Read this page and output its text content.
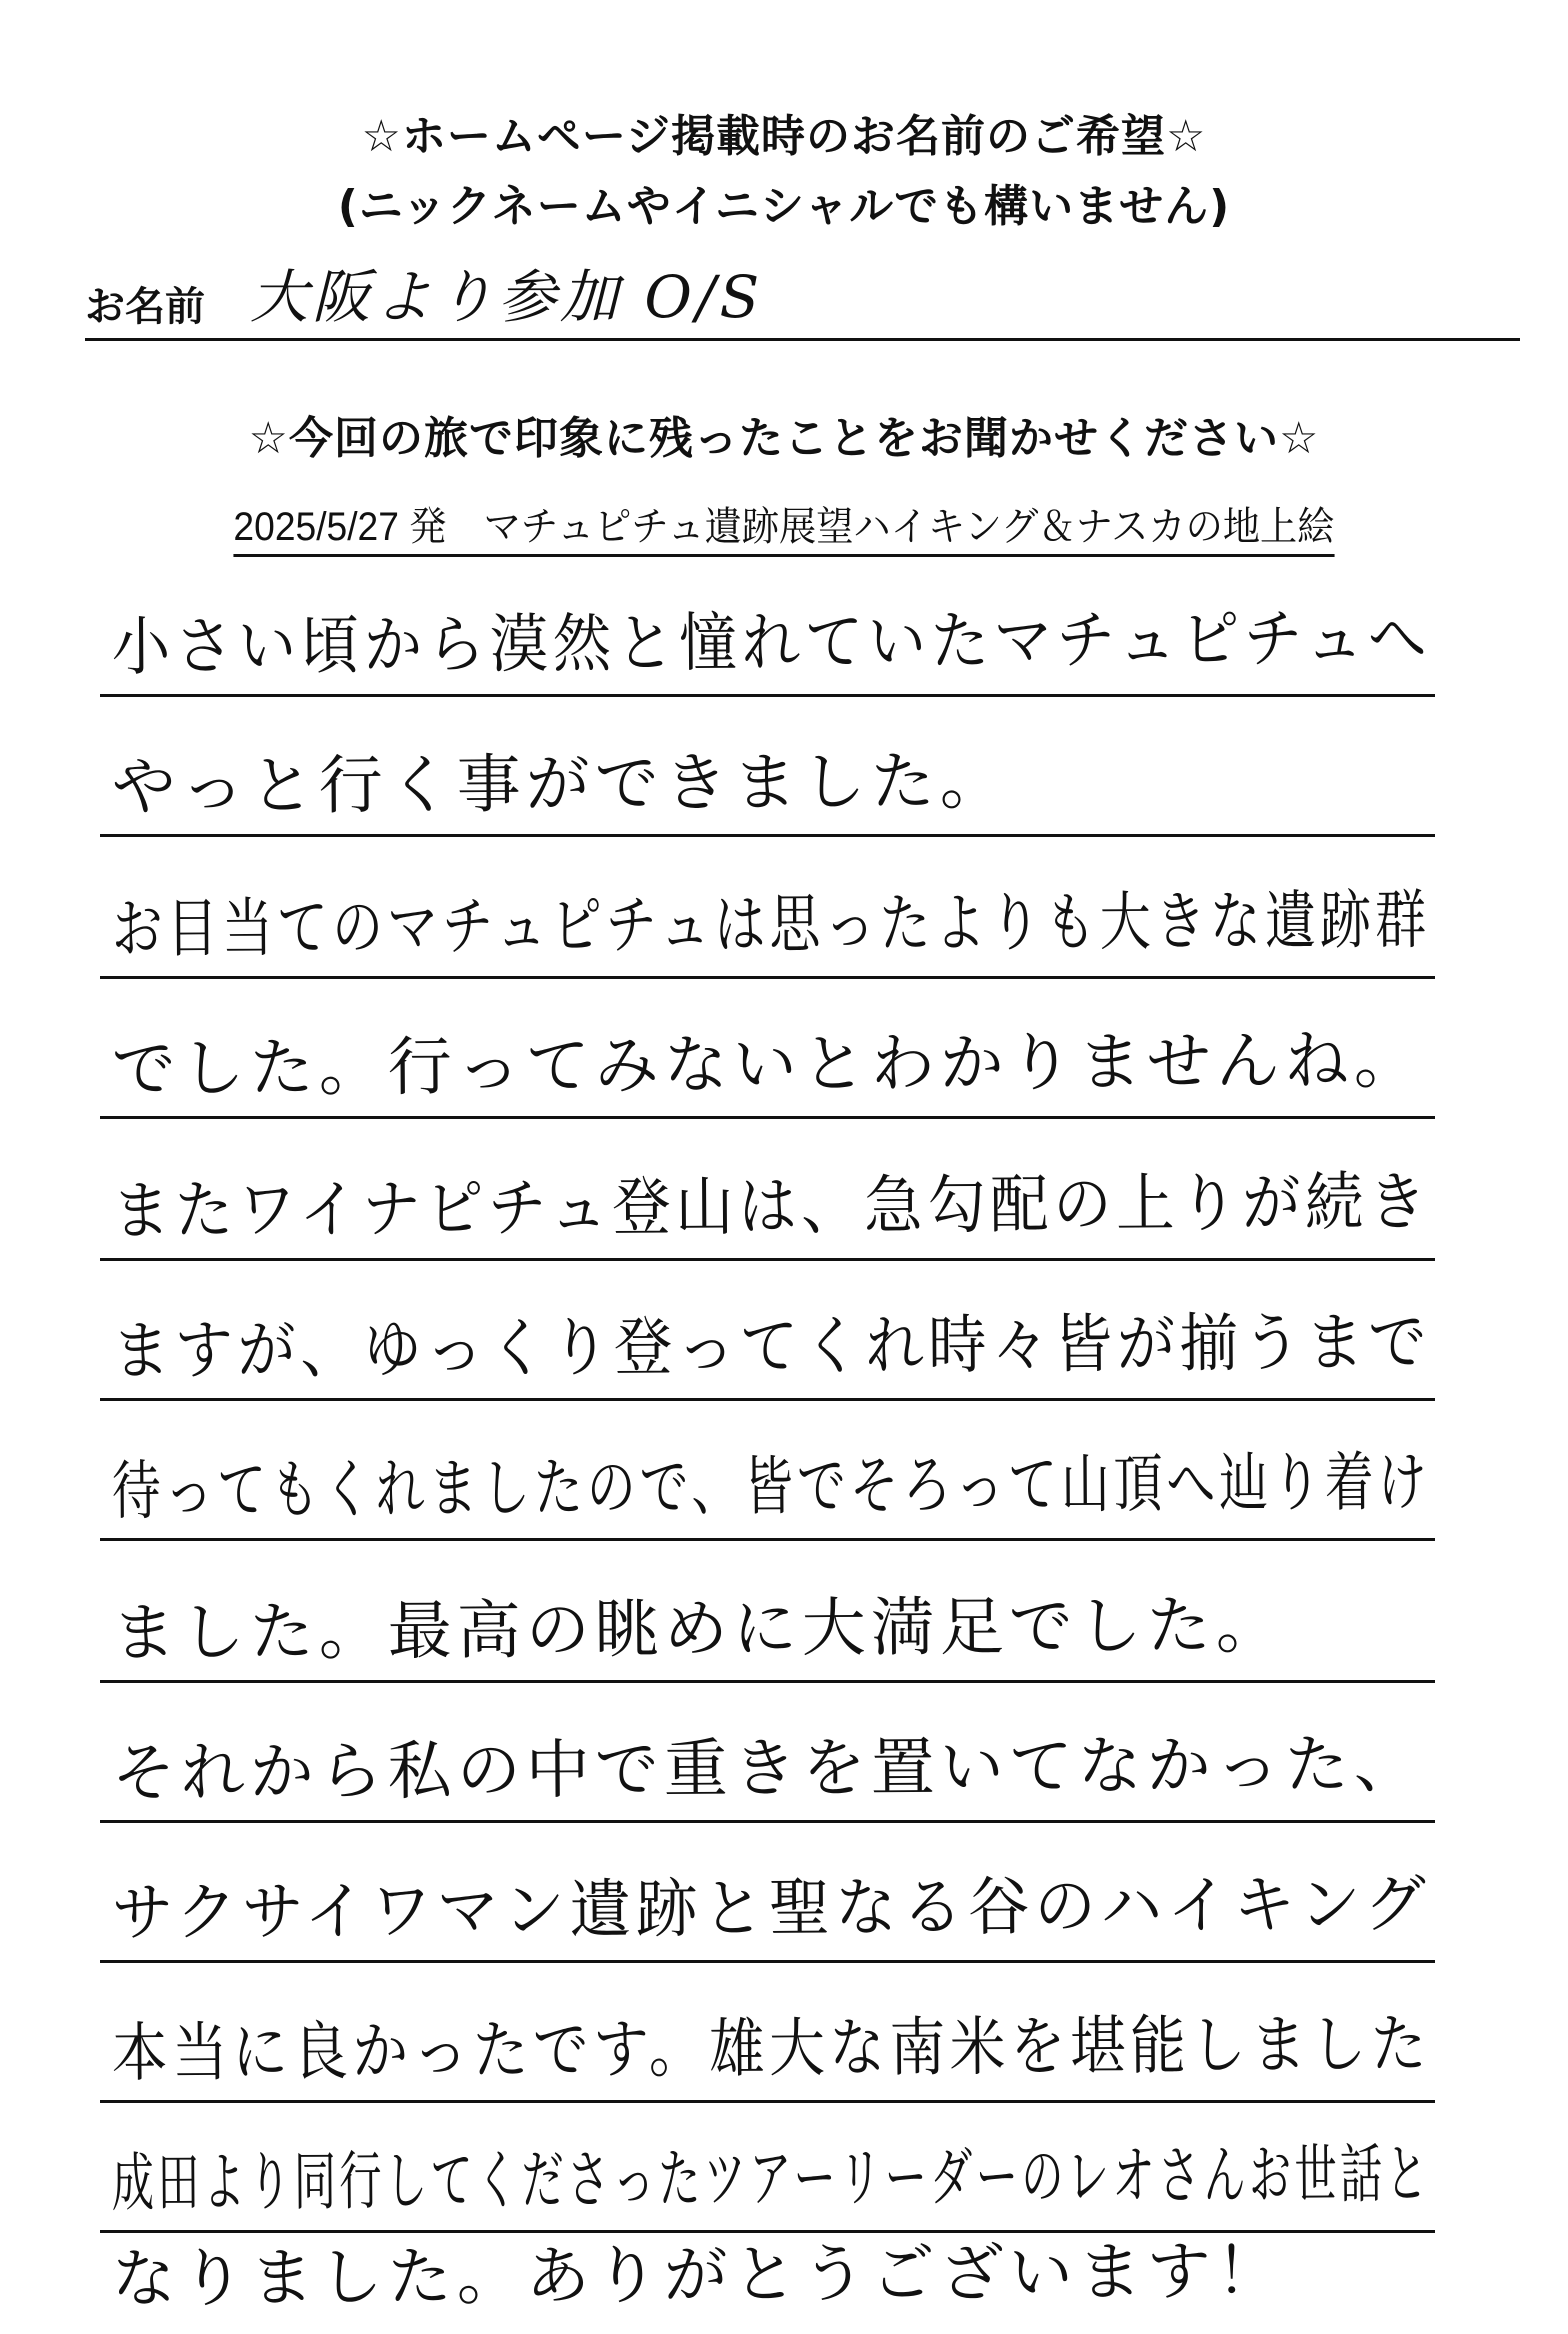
☆ホームページ掲載時のお名前のご希望☆
(ニックネームやイニシャルでも構いません)
お名前 大阪より参加 O/S
☆今回の旅で印象に残ったことをお聞かせください☆
2025/5/27 発　マチュピチュ遺跡展望ハイキング＆ナスカの地上絵
小さい頃から漠然と憧れていたマチュピチュへ
やっと行く事ができました。
お目当てのマチュピチュは思ったよりも大きな遺跡群
でした。行ってみないとわかりませんね。
またワイナピチュ登山は、急勾配の上りが続き
ますが、ゆっくり登ってくれ時々皆が揃うまで
待ってもくれましたので、皆でそろって山頂へ辿り着け
ました。最高の眺めに大満足でした。
それから私の中で重きを置いてなかった、
サクサイワマン遺跡と聖なる谷のハイキング
本当に良かったです。雄大な南米を堪能しました
成田より同行してくださったツアーリーダーのレオさんお世話と
なりました。ありがとうございます！
